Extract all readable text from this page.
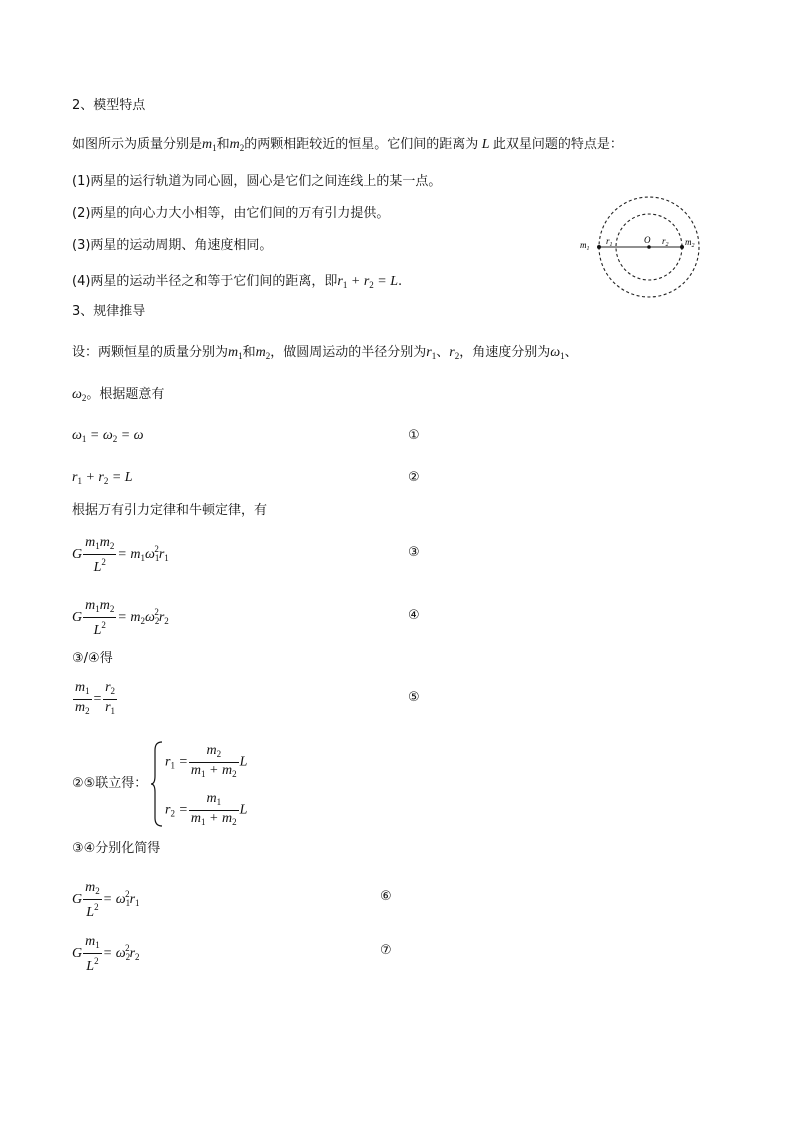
2、模型特点
如图所示为质量分别是$m_1$和$m_2$的两颗相距较近的恒星。它们间的距离为 L 此双星问题的特点是：
(1)两星的运行轨道为同心圆，圆心是它们之间连线上的某一点。
(2)两星的向心力大小相等，由它们间的万有引力提供。
(3)两星的运动周期、角速度相同。
(4)两星的运动半径之和等于它们间的距离，即$r_1 + r_2 = L$.
$m_1$
$r_1$	O $r_2$ $m_2$
3、规律推导
设：两颗恒星的质量分别为$m_1$和$m_2$，做圆周运动的半径分别为$r_1$、$r_2$，角速度分别为$\omega_1$、
$\omega_2$。根据题意有
$\omega_1 = \omega_2 = \omega$	①
$r_1 + r_2 = L$	②
根据万有引力定律和牛顿定律，有
G $\frac{m_1m_2}{L^2} = m_1\omega_1^2r_1$	③
G $\frac{m_1m_2}{L^2} = m_2\omega_2^2r_2$	④
③/④得
$\frac{m_1}{m_2} = \frac{r_2}{r_1}$	⑤
②⑤联立得：
$r_1 = \frac{m_2}{m_1 + m_2}$ L
$r_2 = \frac{m_1}{m_1 + m_2}$ L
③④分别化简得
G $\frac{m_2}{L^2} = \omega_1^2r_1$	⑥
G $\frac{m_1}{L^2} = \omega_2^2r_2$	⑦
